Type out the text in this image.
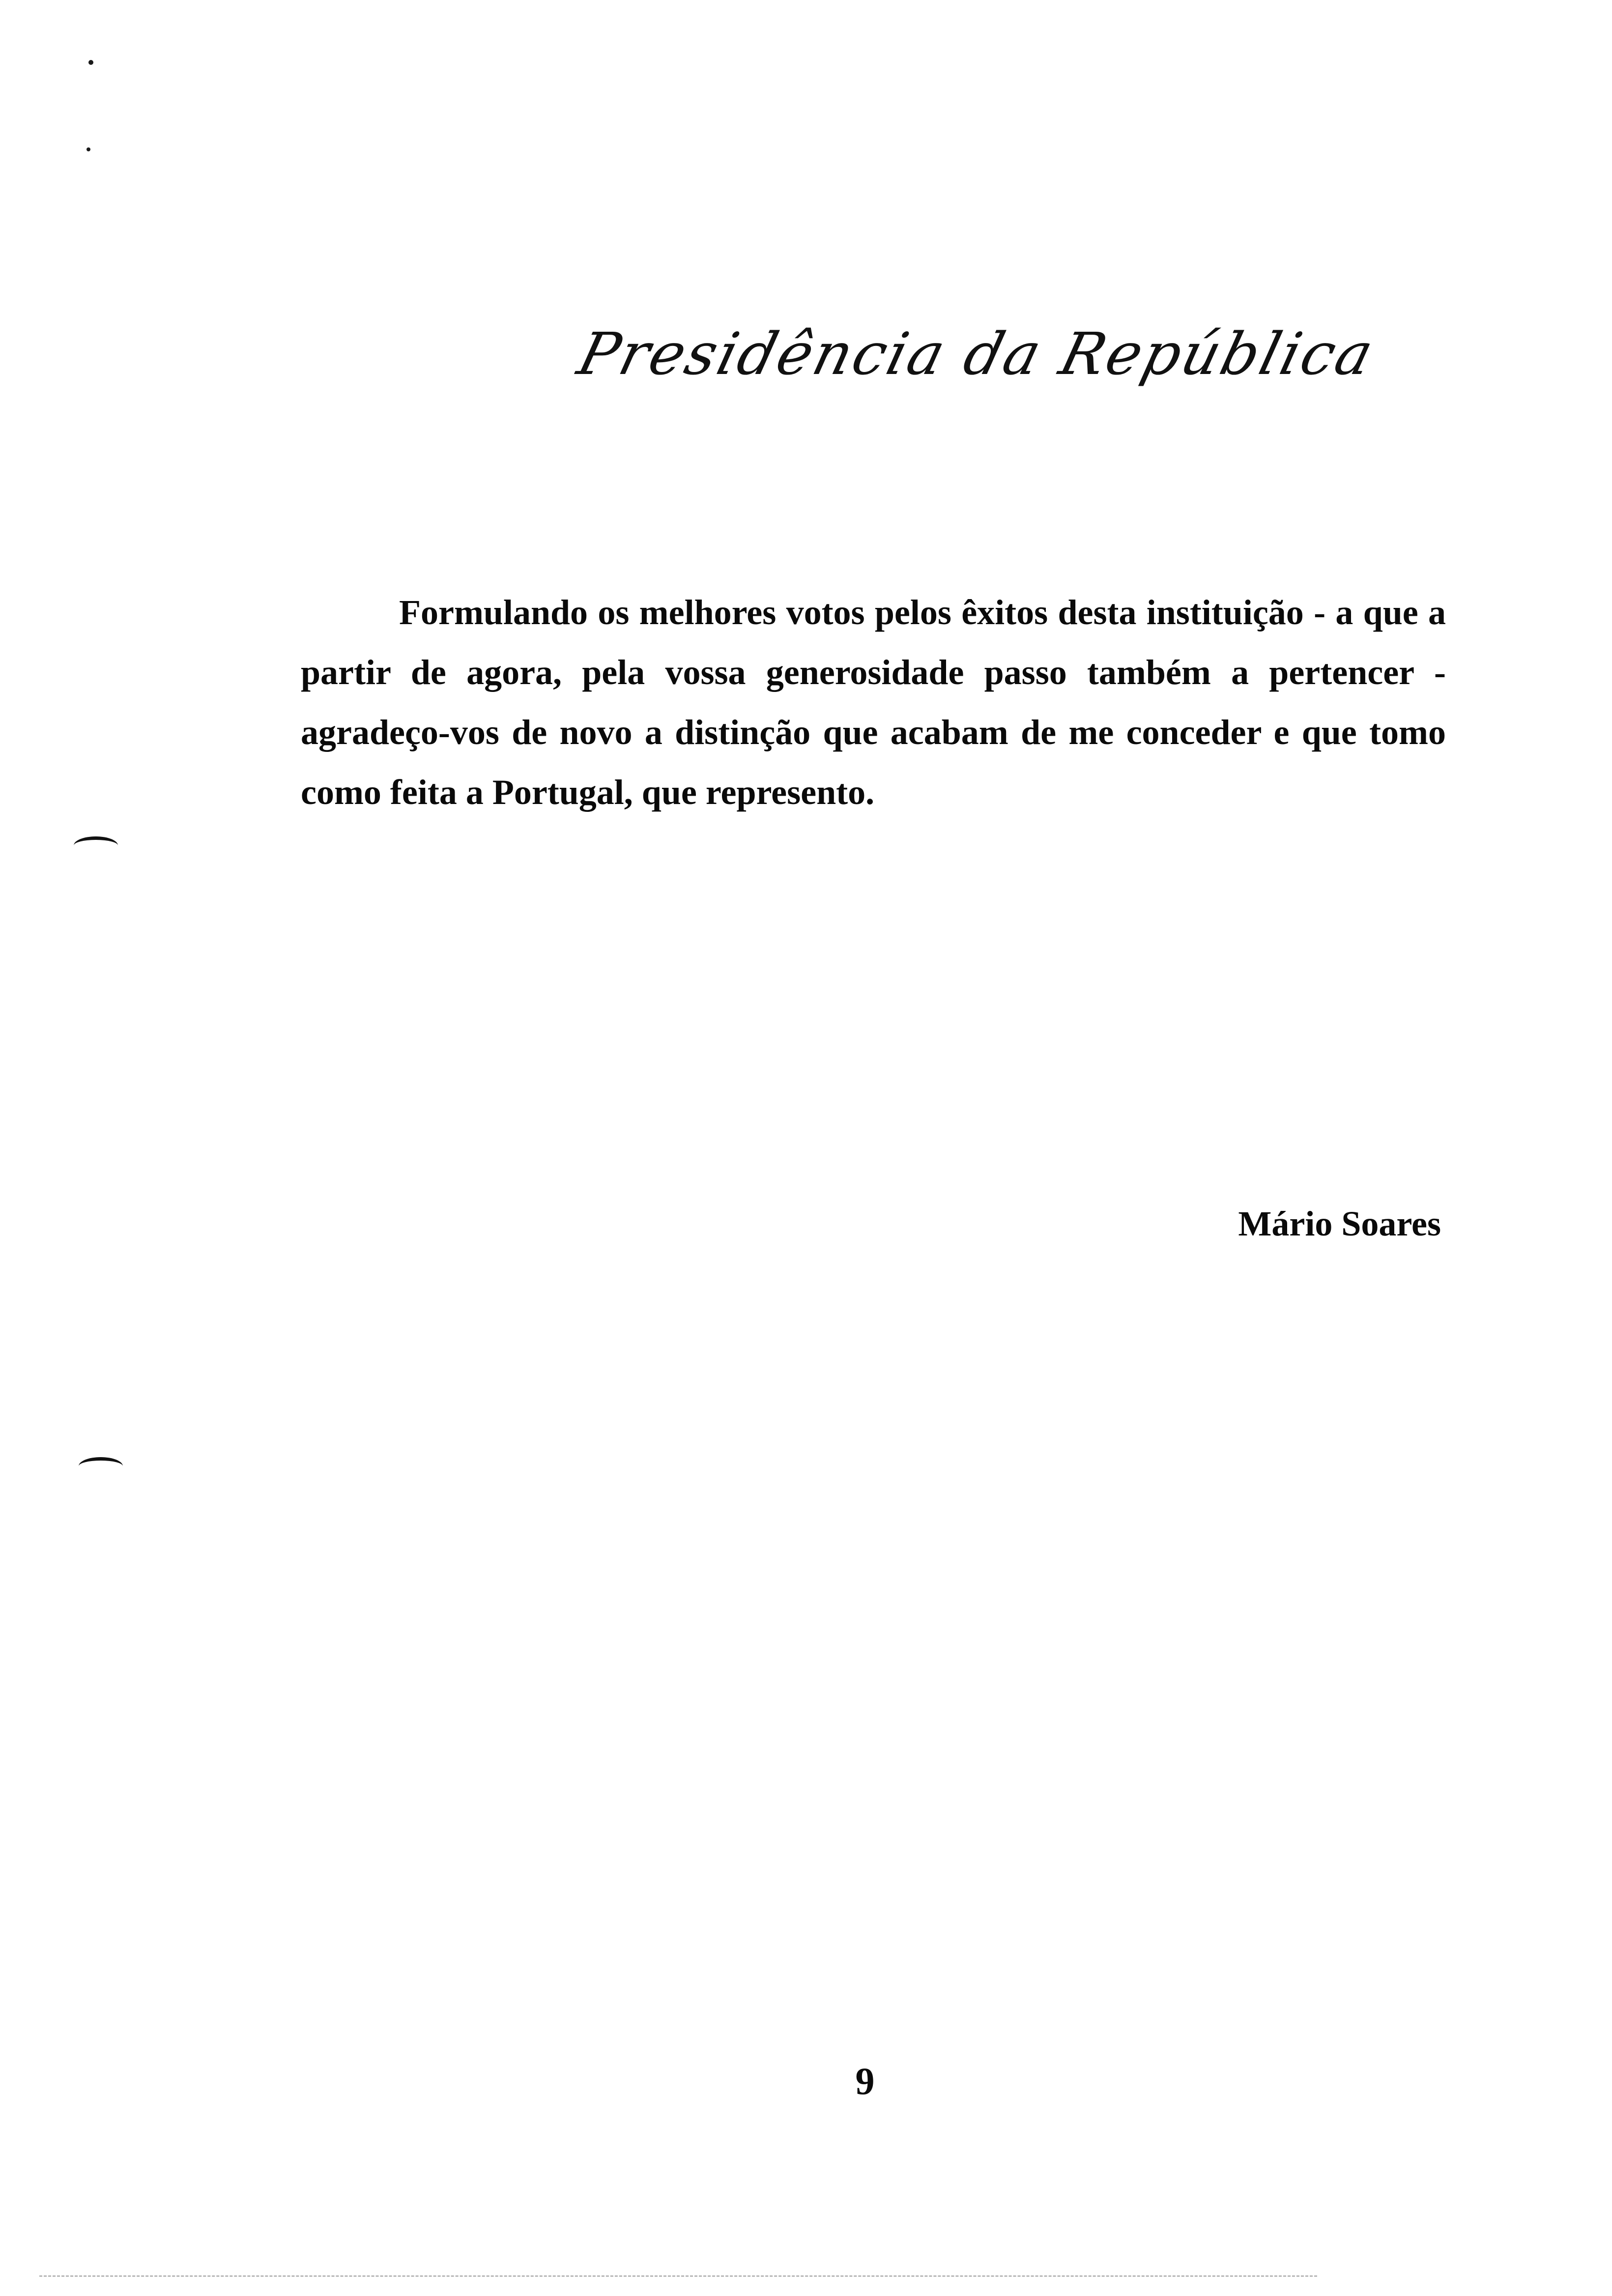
Presidência da República

Formulando os melhores votos pelos êxitos desta instituição - a que a partir de agora, pela vossa generosidade passo também a pertencer - agradeço-vos de novo a distinção que acabam de me conceder e que tomo como feita a Portugal, que represento.

Mário Soares
9
